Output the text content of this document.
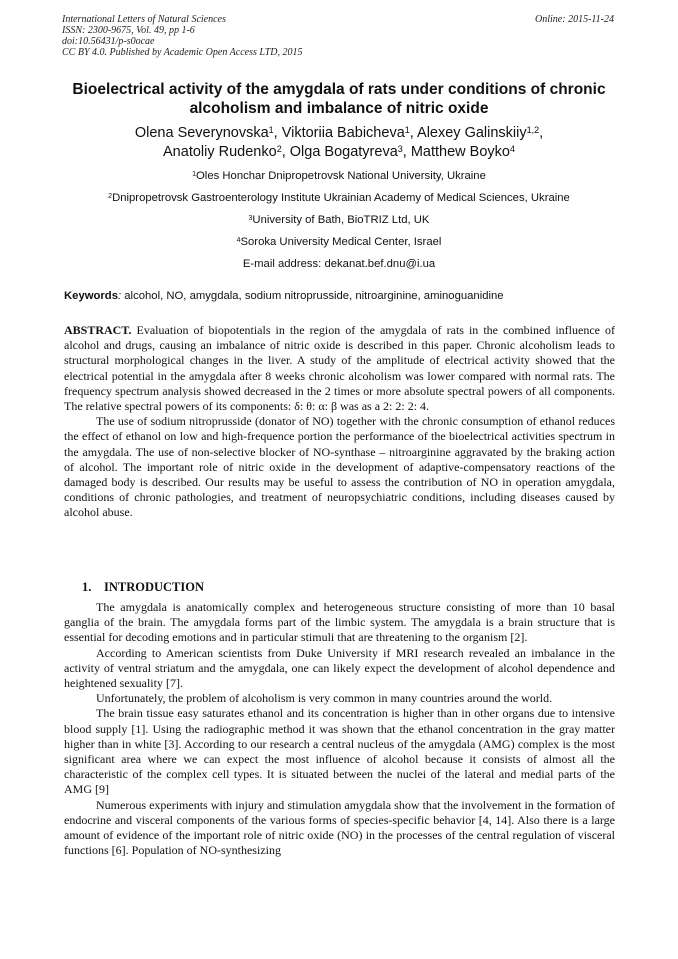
International Letters of Natural Sciences
ISSN: 2300-9675, Vol. 49, pp 1-6
doi:10.56431/p-s0ocae
CC BY 4.0. Published by Academic Open Access LTD, 2015
Online: 2015-11-24
Bioelectrical activity of the amygdala of rats under conditions of chronic
alcoholism and imbalance of nitric oxide
Olena Severynovska$^1$, Viktoriia Babicheva$^1$, Alexey Galinskiiy$^{1,2}$,
Anatoliy Rudenko$^2$, Olga Bogatyreva$^3$, Matthew Boyko$^4$
$^1$Oles Honchar Dnipropetrovsk National University, Ukraine
$^2$Dnipropetrovsk Gastroenterology Institute Ukrainian Academy of Medical Sciences, Ukraine
$^3$University of Bath, BioTRIZ Ltd, UK
$^4$Soroka University Medical Center, Israel
E-mail address: dekanat.bef.dnu@i.ua
Keywords: alcohol, NO, amygdala, sodium nitroprusside, nitroarginine, aminoguanidine

ABSTRACT. Evaluation of biopotentials in the region of the amygdala of rats in the combined influence of alcohol and drugs, causing an imbalance of nitric oxide is described in this paper. Chronic alcoholism leads to structural morphological changes in the liver. A study of the amplitude of electrical activity showed that the electrical potential in the amygdala after 8 weeks chronic alcoholism was lower compared with normal rats. The frequency spectrum analysis showed decreased in the 2 times or more absolute spectral powers of all components. The relative spectral powers of its components: δ: θ: α: β was as a 2: 2: 2: 4.

The use of sodium nitroprusside (donator of NO) together with the chronic consumption of ethanol reduces the effect of ethanol on low and high-frequence portion the performance of the bioelectrical activities spectrum in the amygdala. The use of non-selective blocker of NO-synthase – nitroarginine aggravated by the braking action of alcohol. The important role of nitric oxide in the development of adaptive-compensatory reactions of the damaged body is described. Our results may be useful to assess the contribution of NO in operation amygdala, conditions of chronic pathologies, and treatment of neuropsychiatric conditions, including diseases caused by alcohol abuse.

1. INTRODUCTION

The amygdala is anatomically complex and heterogeneous structure consisting of more than 10 basal ganglia of the brain. The amygdala forms part of the limbic system. The amygdala is a brain structure that is essential for decoding emotions and in particular stimuli that are threatening to the organism [2].

According to American scientists from Duke University if MRI research revealed an imbalance in the activity of ventral striatum and the amygdala, one can likely expect the development of alcohol dependence and heightened sexuality [7].

Unfortunately, the problem of alcoholism is very common in many countries around the world.

The brain tissue easy saturates ethanol and its concentration is higher than in other organs due to intensive blood supply [1]. Using the radiographic method it was shown that the ethanol concentration in the gray matter higher than in white [3]. According to our research a central nucleus of the amygdala (AMG) complex is the most significant area where we can expect the most influence of alcohol because it consists of almost all the characteristic of the complex cell types. It is situated between the nuclei of the lateral and medial parts of the AMG [9]

Numerous experiments with injury and stimulation amygdala show that the involvement in the formation of endocrine and visceral components of the various forms of species-specific behavior [4, 14]. Also there is a large amount of evidence of the important role of nitric oxide (NO) in the processes of the central regulation of visceral functions [6]. Population of NO-synthesizing
